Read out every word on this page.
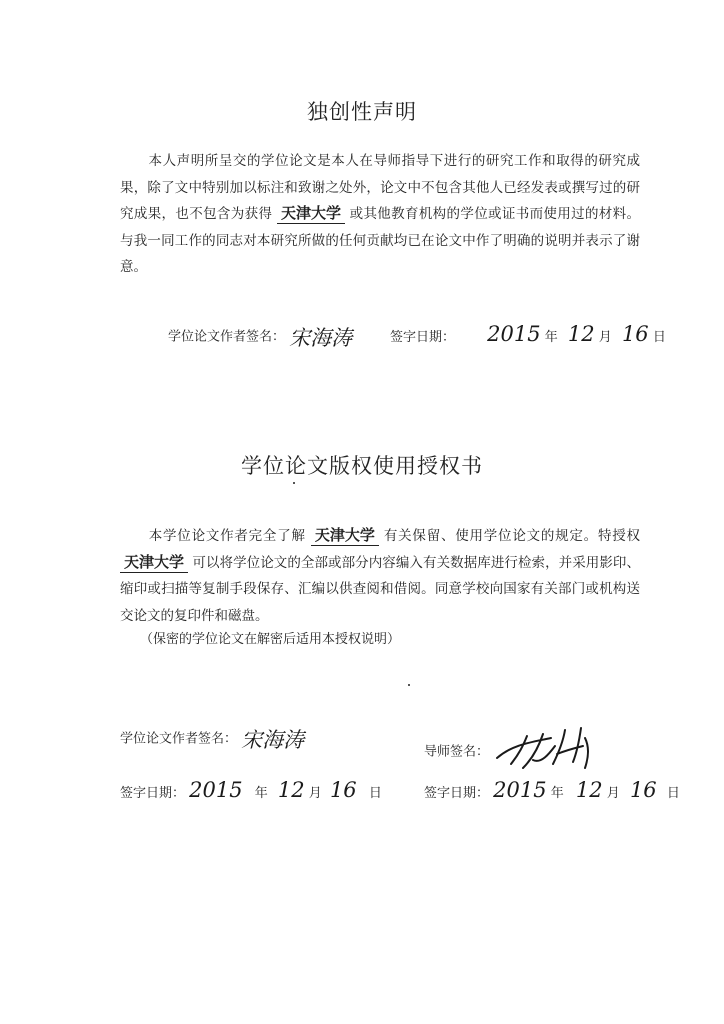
独创性声明
本人声明所呈交的学位论文是本人在导师指导下进行的研究工作和取得的研究成果，除了文中特别加以标注和致谢之处外，论文中不包含其他人已经发表或撰写过的研究成果，也不包含为获得 天津大学 或其他教育机构的学位或证书而使用过的材料。与我一同工作的同志对本研究所做的任何贡献均已在论文中作了明确的说明并表示了谢意。
学位论文作者签名： 宋海涛	签字日期： 2015 年 12 月 16 日
学位论文版权使用授权书
本学位论文作者完全了解 天津大学 有关保留、使用学位论文的规定。特授权 天津大学 可以将学位论文的全部或部分内容编入有关数据库进行检索，并采用影印、缩印或扫描等复制手段保存、汇编以供查阅和借阅。同意学校向国家有关部门或机构送交论文的复印件和磁盘。
（保密的学位论文在解密后适用本授权说明）
学位论文作者签名： 宋海涛	导师签名：
签字日期： 2015 年 12 月 16 日	签字日期： 2015 年 12 月 16 日
